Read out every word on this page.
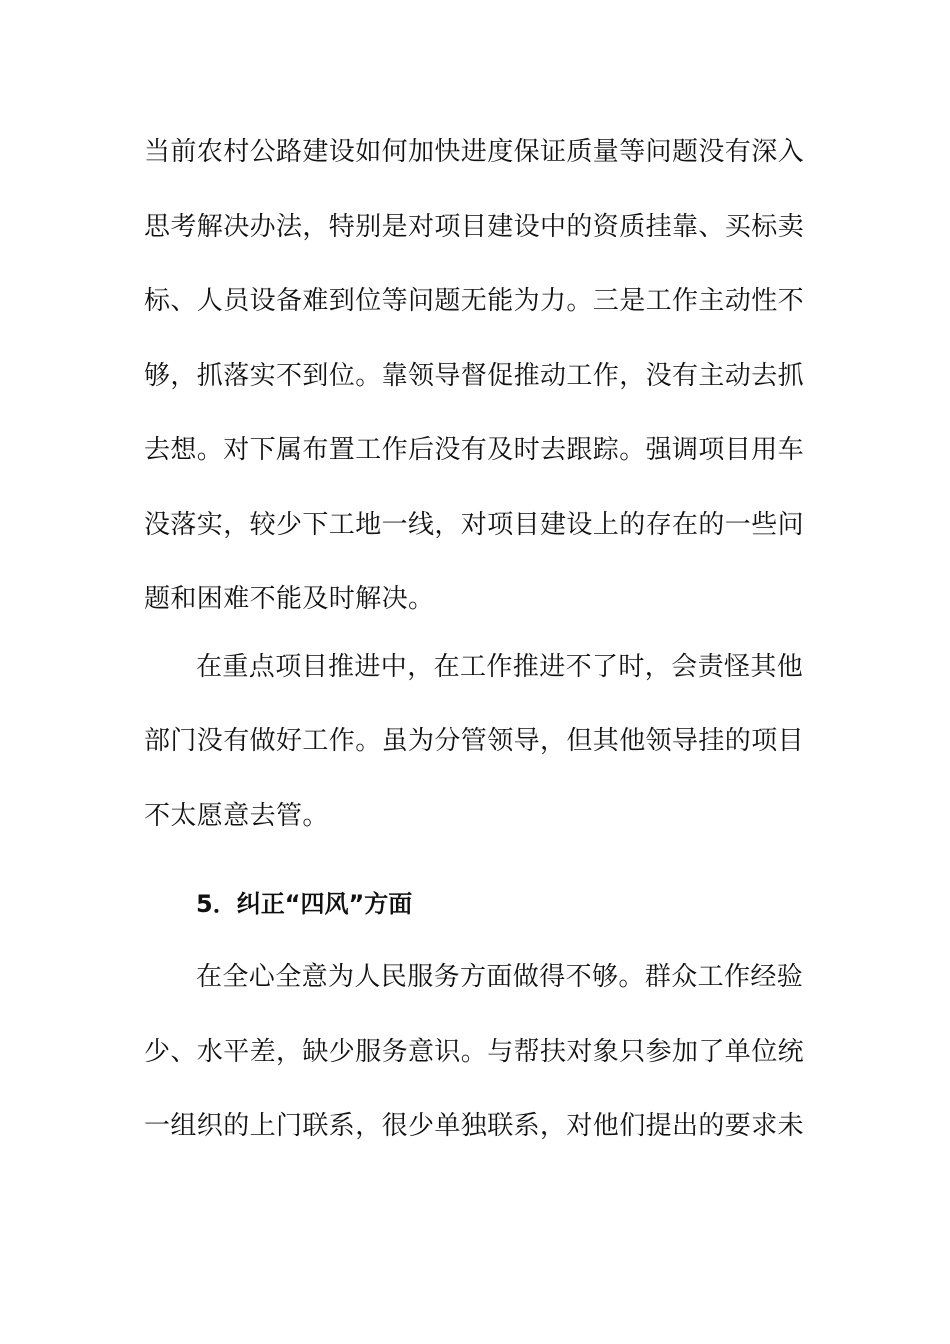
当前农村公路建设如何加快进度保证质量等问题没有深入
思考解决办法，特别是对项目建设中的资质挂靠、买标卖
标、人员设备难到位等问题无能为力。三是工作主动性不
够，抓落实不到位。靠领导督促推动工作，没有主动去抓
去想。对下属布置工作后没有及时去跟踪。强调项目用车
没落实，较少下工地一线，对项目建设上的存在的一些问
题和困难不能及时解决。
在重点项目推进中，在工作推进不了时，会责怪其他
部门没有做好工作。虽为分管领导，但其他领导挂的项目
不太愿意去管。
5．纠正“四风”方面
在全心全意为人民服务方面做得不够。群众工作经验
少、水平差，缺少服务意识。与帮扶对象只参加了单位统
一组织的上门联系，很少单独联系，对他们提出的要求未
